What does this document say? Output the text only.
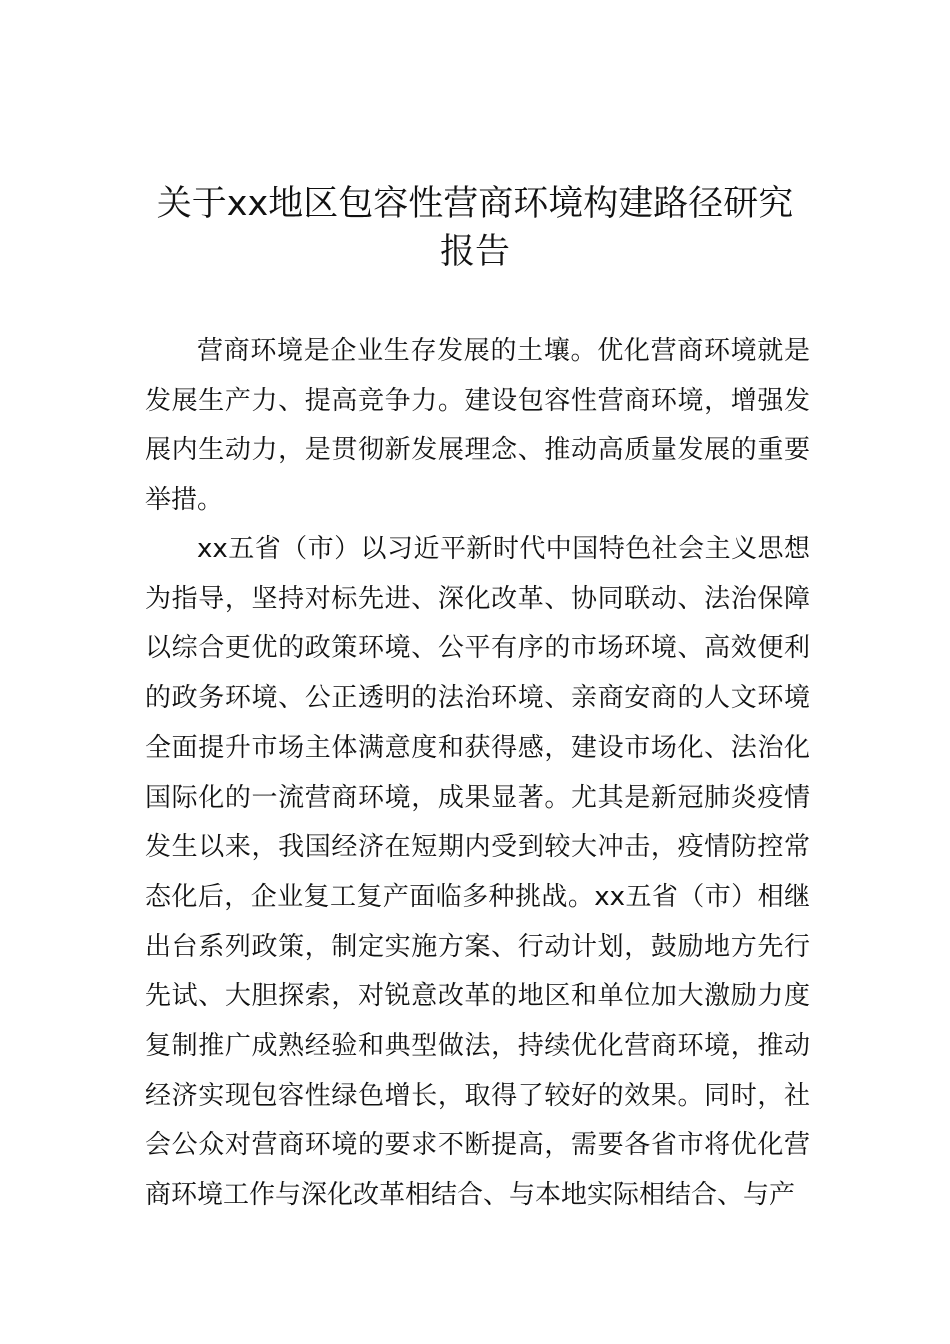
关于xx地区包容性营商环境构建路径研究
报告

营商环境是企业生存发展的土壤。优化营商环境就是发展生产力、提高竞争力。建设包容性营商环境，增强发展内生动力，是贯彻新发展理念、推动高质量发展的重要举措。

xx五省（市）以习近平新时代中国特色社会主义思想为指导，坚持对标先进、深化改革、协同联动、法治保障以综合更优的政策环境、公平有序的市场环境、高效便利的政务环境、公正透明的法治环境、亲商安商的人文环境全面提升市场主体满意度和获得感，建设市场化、法治化国际化的一流营商环境，成果显著。尤其是新冠肺炎疫情发生以来，我国经济在短期内受到较大冲击，疫情防控常态化后，企业复工复产面临多种挑战。xx五省（市）相继出台系列政策，制定实施方案、行动计划，鼓励地方先行先试、大胆探索，对锐意改革的地区和单位加大激励力度复制推广成熟经验和典型做法，持续优化营商环境，推动经济实现包容性绿色增长，取得了较好的效果。同时，社会公众对营商环境的要求不断提高，需要各省市将优化营商环境工作与深化改革相结合、与本地实际相结合、与产
